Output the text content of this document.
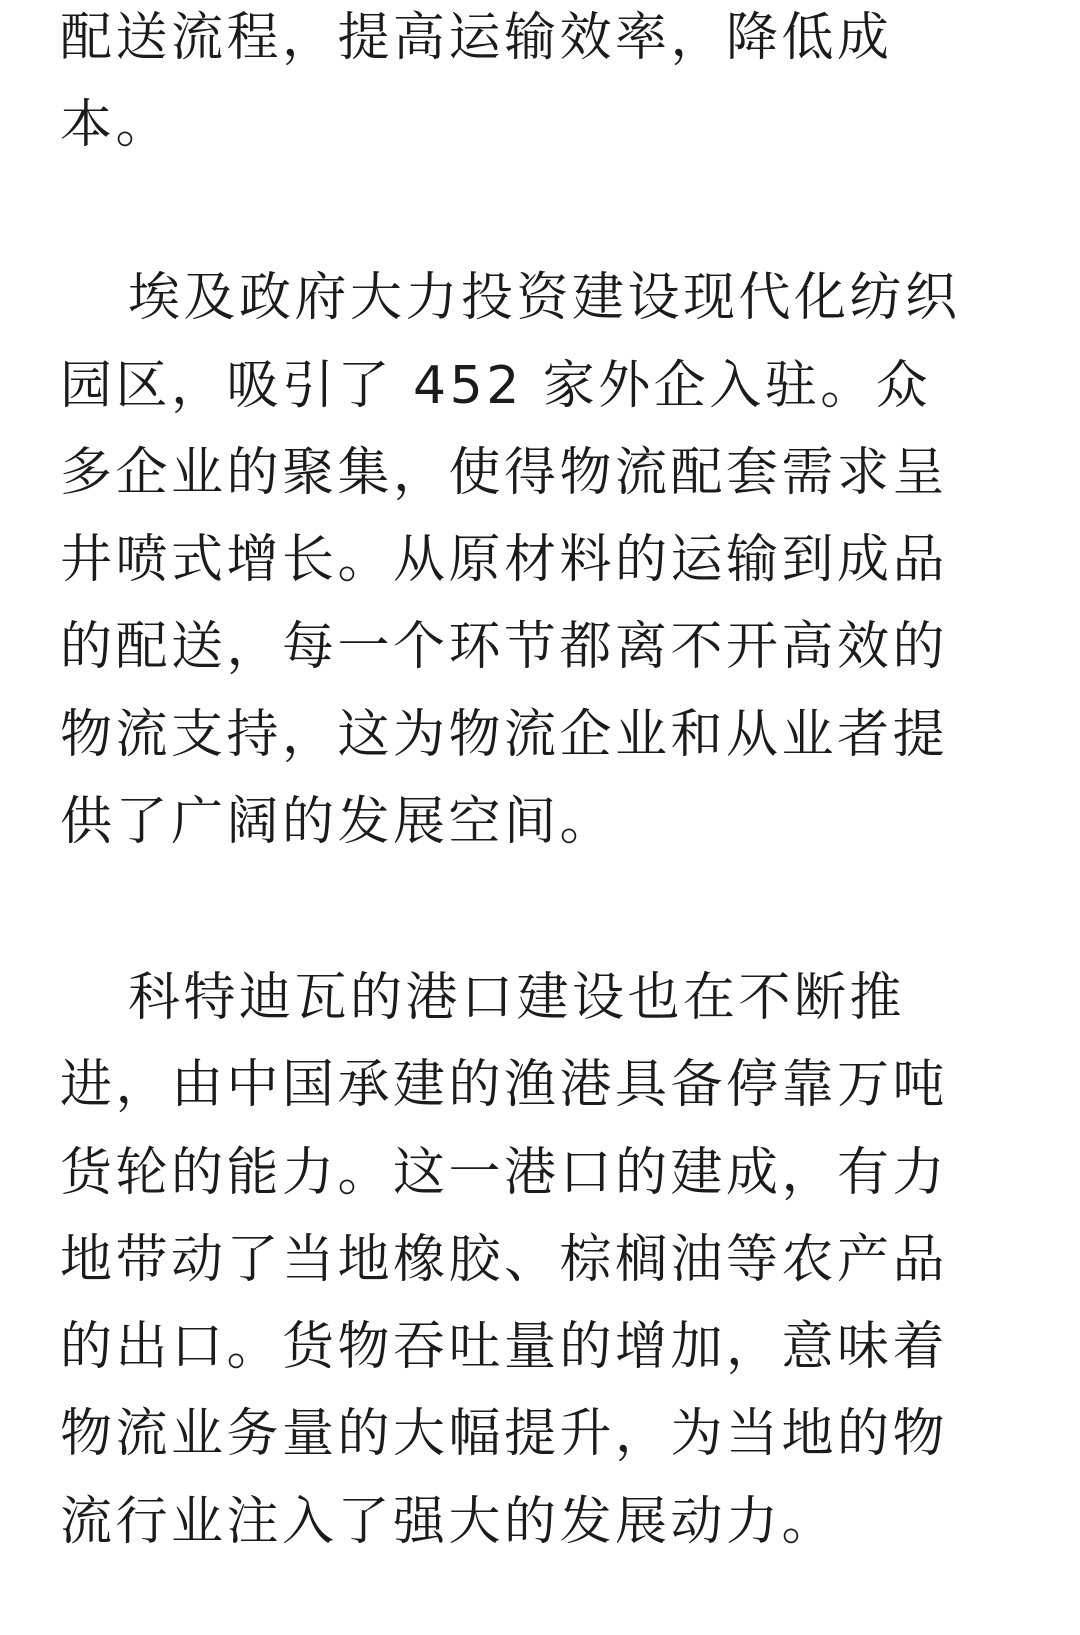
配送流程，提高运输效率，降低成
本。
埃及政府大力投资建设现代化纺织
园区，吸引了 452 家外企入驻。众
多企业的聚集，使得物流配套需求呈
井喷式增长。从原材料的运输到成品
的配送，每一个环节都离不开高效的
物流支持，这为物流企业和从业者提
供了广阔的发展空间。
科特迪瓦的港口建设也在不断推
进，由中国承建的渔港具备停靠万吨
货轮的能力。这一港口的建成，有力
地带动了当地橡胶、棕榈油等农产品
的出口。货物吞吐量的增加，意味着
物流业务量的大幅提升，为当地的物
流行业注入了强大的发展动力。
